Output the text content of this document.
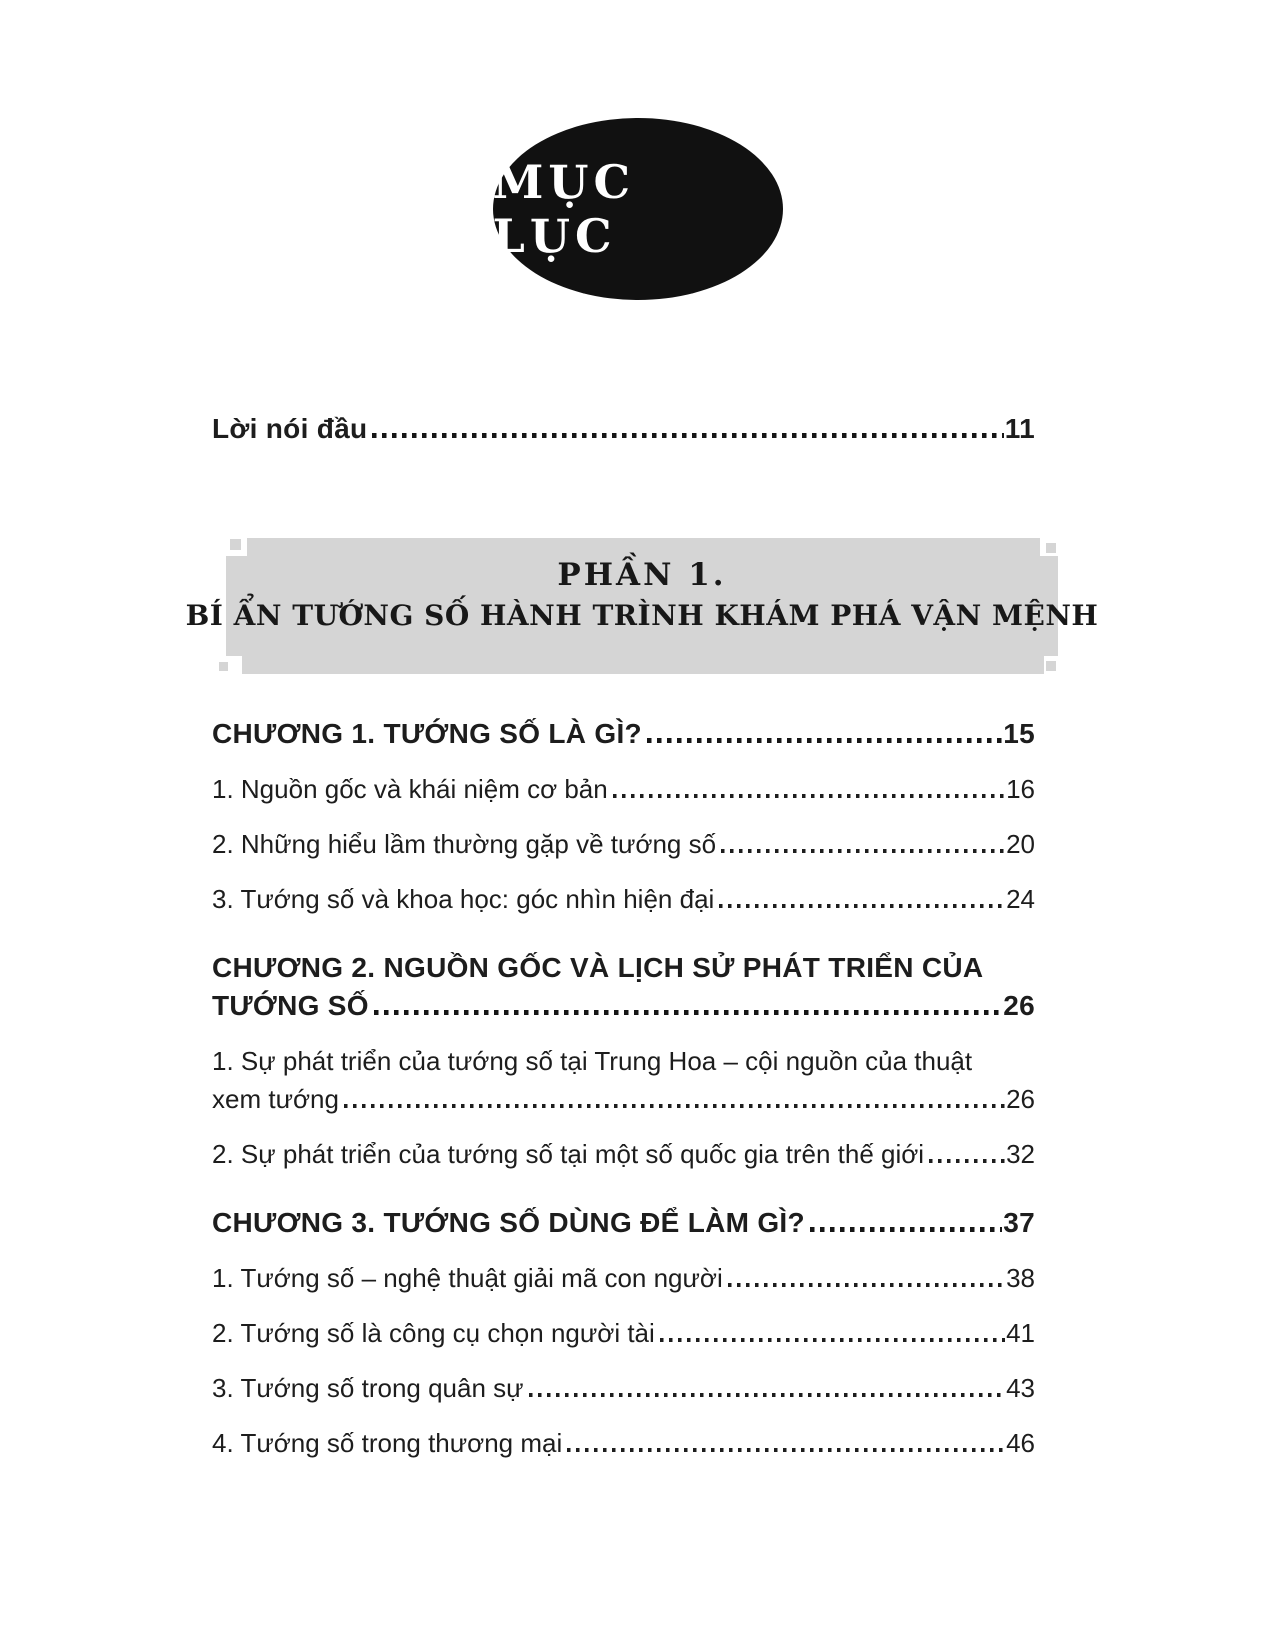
MỤC LỤC
Lời nói đầu	11
PHẦN 1.
BÍ ẨN TƯỚNG SỐ HÀNH TRÌNH KHÁM PHÁ VẬN MỆNH
CHƯƠNG 1. TƯỚNG SỐ LÀ GÌ?	15
1. Nguồn gốc và khái niệm cơ bản	16
2. Những hiểu lầm thường gặp về tướng số	20
3. Tướng số và khoa học: góc nhìn hiện đại	24
CHƯƠNG 2. NGUỒN GỐC VÀ LỊCH SỬ PHÁT TRIỂN CỦA
TƯỚNG SỐ	26
1. Sự phát triển của tướng số tại Trung Hoa – cội nguồn của thuật
xem tướng	26
2. Sự phát triển của tướng số tại một số quốc gia trên thế giới	32
CHƯƠNG 3. TƯỚNG SỐ DÙNG ĐỂ LÀM GÌ?	37
1. Tướng số – nghệ thuật giải mã con người	38
2. Tướng số là công cụ chọn người tài	41
3. Tướng số trong quân sự	43
4. Tướng số trong thương mại	46
